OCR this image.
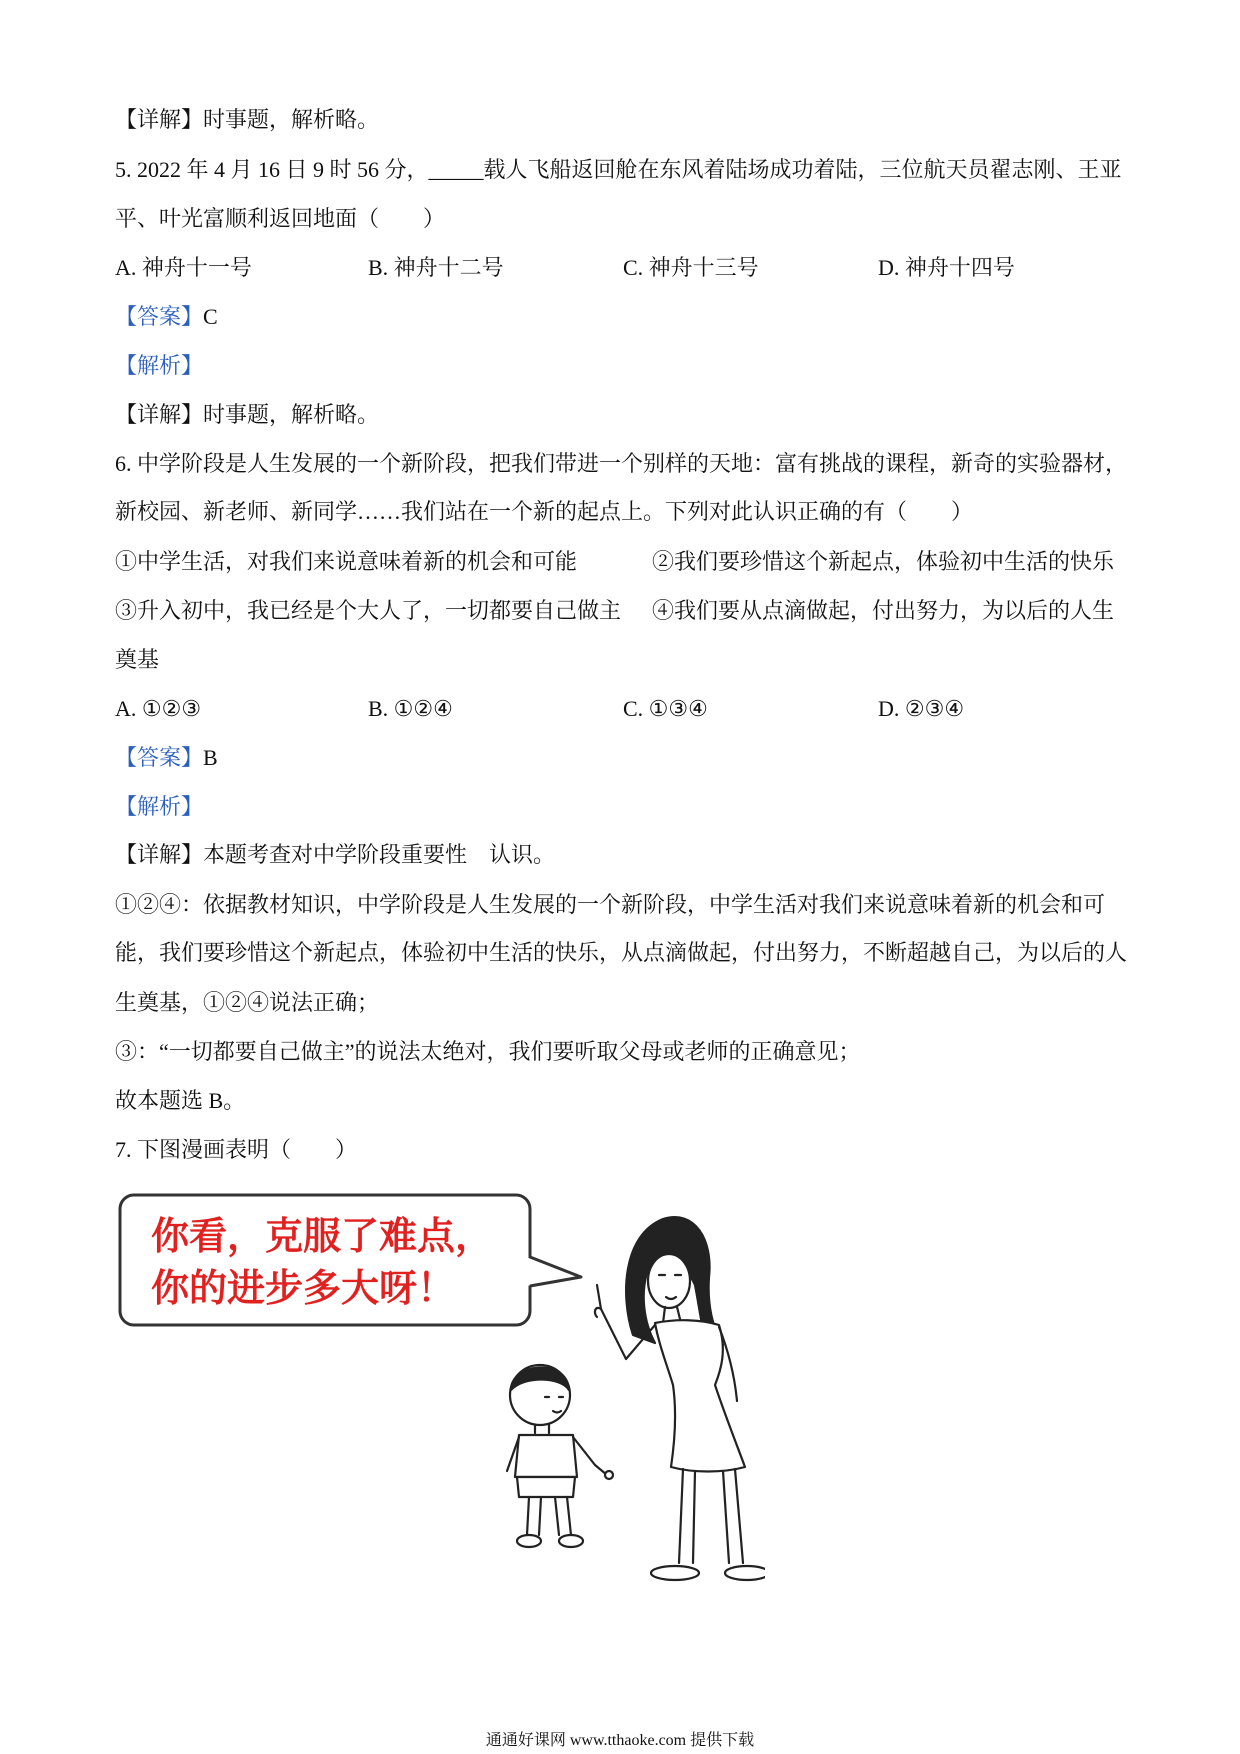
【详解】时事题，解析略。
5. 2022 年 4 月 16 日 9 时 56 分，_____载人飞船返回舱在东风着陆场成功着陆，三位航天员翟志刚、王亚
平、叶光富顺利返回地面（　　）
A. 神舟十一号	B. 神舟十二号	C. 神舟十三号	D. 神舟十四号
【答案】C
【解析】
【详解】时事题，解析略。
6. 中学阶段是人生发展的一个新阶段，把我们带进一个别样的天地：富有挑战的课程，新奇的实验器材，
新校园、新老师、新同学……我们站在一个新的起点上。下列对此认识正确的有（　　）
①中学生活，对我们来说意味着新的机会和可能	②我们要珍惜这个新起点，体验初中生活的快乐
③升入初中，我已经是个大人了，一切都要自己做主 ④我们要从点滴做起，付出努力，为以后的人生
奠基
A. ①②③	B. ①②④	C. ①③④	D. ②③④
【答案】B
【解析】
【详解】本题考查对中学阶段重要性　认识。
①②④：依据教材知识，中学阶段是人生发展的一个新阶段，中学生活对我们来说意味着新的机会和可
能，我们要珍惜这个新起点，体验初中生活的快乐，从点滴做起，付出努力，不断超越自己，为以后的人
生奠基，①②④说法正确；
③：“一切都要自己做主”的说法太绝对，我们要听取父母或老师的正确意见；
故本题选 B。
7. 下图漫画表明（　　）
你看，克服了难点，
你的进步多大呀！
通通好课网 www.tthaoke.com 提供下载
